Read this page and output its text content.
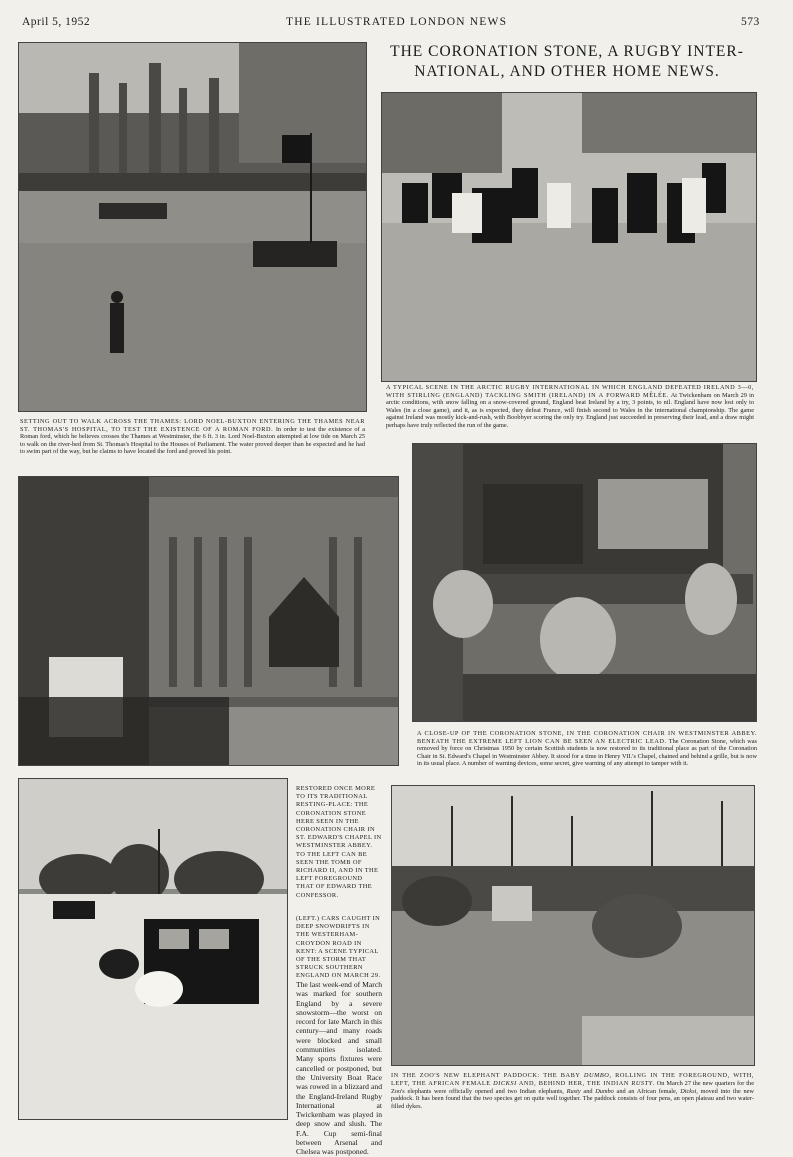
April 5, 1952	THE ILLUSTRATED LONDON NEWS	573
THE CORONATION STONE, A RUGBY INTER-
NATIONAL, AND OTHER HOME NEWS.
SETTING OUT TO WALK ACROSS THE THAMES: LORD NOEL-BUXTON ENTERING THE THAMES NEAR ST. THOMAS'S HOSPITAL, TO TEST THE EXISTENCE OF A ROMAN FORD. In order to test the existence of a Roman ford, which he believes crosses the Thames at Westminster, the 6 ft. 3 in. Lord Noel-Buxton attempted at low tide on March 25 to walk on the river-bed from St. Thomas's Hospital to the Houses of Parliament. The water proved deeper than he expected and he had to swim part of the way, but he claims to have located the ford and proved his point.
A TYPICAL SCENE IN THE ARCTIC RUGBY INTERNATIONAL IN WHICH ENGLAND DEFEATED IRELAND 3—0, WITH STIRLING (ENGLAND) TACKLING SMITH (IRELAND) IN A FORWARD MÊLÉE. At Twickenham on March 29 in arctic conditions, with snow falling on a snow-covered ground, England beat Ireland by a try, 3 points, to nil. England have now lost only to Wales (in a close game), and it, as is expected, they defeat France, will finish second to Wales in the international championship. The game against Ireland was mostly kick-and-rush, with Boobbyer scoring the only try. England just succeeded in preserving their lead, and a draw might perhaps have truly reflected the run of the game.
A CLOSE-UP OF THE CORONATION STONE, IN THE CORONATION CHAIR IN WESTMINSTER ABBEY. BENEATH THE EXTREME LEFT LION CAN BE SEEN AN ELECTRIC LEAD. The Coronation Stone, which was removed by force on Christmas 1950 by certain Scottish students is now restored to its traditional place as part of the Coronation Chair in St. Edward's Chapel in Westminster Abbey. It stood for a time in Henry VII.'s Chapel, chained and behind a grille, but is now in its usual place. A number of warning devices, some secret, give warning of any attempt to tamper with it.
RESTORED ONCE MORE TO ITS TRADITIONAL RESTING-PLACE: THE CORONATION STONE HERE SEEN IN THE CORONATION CHAIR IN ST. EDWARD'S CHAPEL IN WESTMINSTER ABBEY. TO THE LEFT CAN BE SEEN THE TOMB OF RICHARD II, AND IN THE LEFT FOREGROUND THAT OF EDWARD THE CONFESSOR.
(LEFT.) CARS CAUGHT IN DEEP SNOWDRIFTS IN THE WESTERHAM-CROYDON ROAD IN KENT: A SCENE TYPICAL OF THE STORM THAT STRUCK SOUTHERN ENGLAND ON MARCH 29.
The last week-end of March was marked for southern England by a severe snowstorm—the worst on record for late March in this century—and many roads were blocked and small communities isolated. Many sports fixtures were cancelled or postponed, but the University Boat Race was rowed in a blizzard and the England-Ireland Rugby International at Twickenham was played in deep snow and slush. The F.A. Cup semi-final between Arsenal and Chelsea was postponed.
IN THE ZOO'S NEW ELEPHANT PADDOCK: THE BABY DUMBO, ROLLING IN THE FOREGROUND, WITH, LEFT, THE AFRICAN FEMALE DICKSI AND, BEHIND HER, THE INDIAN RUSTY. On March 27 the new quarters for the Zoo's elephants were officially opened and two Indian elephants, Rusty and Dumbo and an African female, Dicksi, moved into the new paddock. It has been found that the two species get on quite well together. The paddock consists of four pens, an open plateau and two water-filled dykes.
